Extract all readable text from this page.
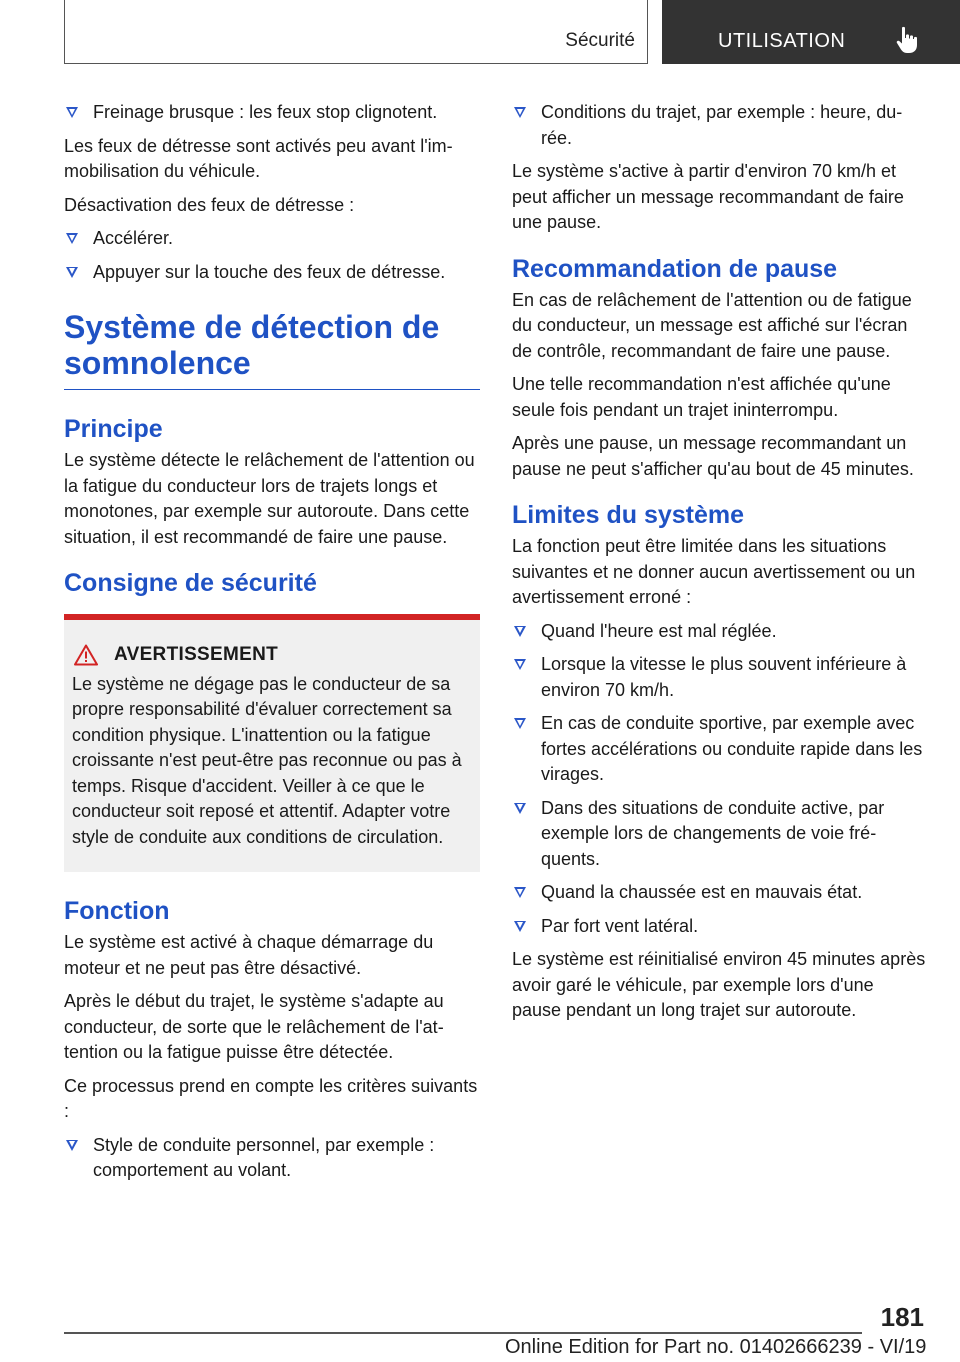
Sécurité	UTILISATION
Freinage brusque : les feux stop clignotent.

Les feux de détresse sont activés peu avant l'immobilisation du véhicule.

Désactivation des feux de détresse :

Accélérer.
Appuyer sur la touche des feux de détresse.
Système de détection de somnolence
Principe

Le système détecte le relâchement de l'attention ou la fatigue du conducteur lors de trajets longs et monotones, par exemple sur autoroute. Dans cette situation, il est recommandé de faire une pause.

Consigne de sécurité
AVERTISSEMENT
Le système ne dégage pas le conducteur de sa propre responsabilité d'évaluer correctement sa condition physique. L'inattention ou la fatigue croissante n'est peut-être pas reconnue ou pas à temps. Risque d'accident. Veiller à ce que le conducteur soit reposé et attentif. Adapter votre style de conduite aux conditions de circulation.
Fonction

Le système est activé à chaque démarrage du moteur et ne peut pas être désactivé.

Après le début du trajet, le système s'adapte au conducteur, de sorte que le relâchement de l'attention ou la fatigue puisse être détectée.

Ce processus prend en compte les critères suivants :

Style de conduite personnel, par exemple : comportement au volant.
Conditions du trajet, par exemple : heure, durée.

Le système s'active à partir d'environ 70 km/h et peut afficher un message recommandant de faire une pause.

Recommandation de pause

En cas de relâchement de l'attention ou de fatigue du conducteur, un message est affiché sur l'écran de contrôle, recommandant de faire une pause.

Une telle recommandation n'est affichée qu'une seule fois pendant un trajet ininterrompu.

Après une pause, un message recommandant un pause ne peut s'afficher qu'au bout de 45 minutes.

Limites du système

La fonction peut être limitée dans les situations suivantes et ne donner aucun avertissement ou un avertissement erroné :

Quand l'heure est mal réglée.
Lorsque la vitesse le plus souvent inférieure à environ 70 km/h.
En cas de conduite sportive, par exemple avec fortes accélérations ou conduite rapide dans les virages.
Dans des situations de conduite active, par exemple lors de changements de voie fréquents.
Quand la chaussée est en mauvais état.
Par fort vent latéral.

Le système est réinitialisé environ 45 minutes après avoir garé le véhicule, par exemple lors d'une pause pendant un long trajet sur autoroute.

181
Online Edition for Part no. 01402666239 - VI/19
